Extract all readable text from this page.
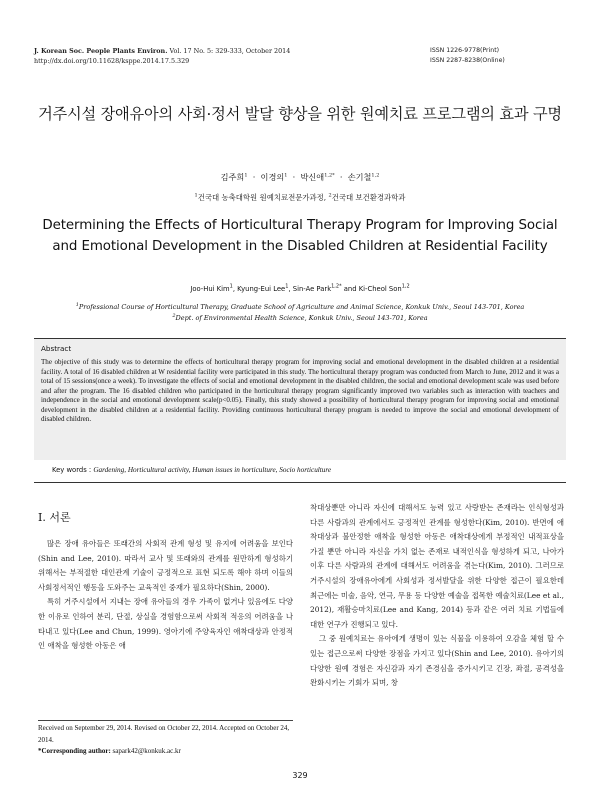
J. Korean Soc. People Plants Environ. Vol. 17 No. 5: 329-333, October 2014
http://dx.doi.org/10.11628/ksppe.2014.17.5.329
ISSN 1226-9778(Print)
ISSN 2287-8238(Online)
거주시설 장애유아의 사회·정서 발달 향상을 위한 원예치료 프로그램의 효과 구명
김주희$^1$  ·  이경의$^1$  ·  박신애$^{1,2*}$  ·  손기철$^{1,2}$
$^1$건국대 농축대학원 원예치료전문가과정, $^2$건국대 보건환경과학과
Determining the Effects of Horticultural Therapy Program for Improving Social and Emotional Development in the Disabled Children at Residential Facility
Joo-Hui Kim$^1$, Kyung-Eui Lee$^1$, Sin-Ae Park$^{1,2*}$ and Ki-Cheol Son$^{1,2}$
$^1$Professional Course of Horticultural Therapy, Graduate School of Agriculture and Animal Science, Konkuk Univ., Seoul 143-701, Korea
$^2$Dept. of Environmental Health Science, Konkuk Univ., Seoul 143-701, Korea
Abstract
The objective of this study was to determine the effects of horticultural therapy program for improving social and emotional development in the disabled children at a residential facility. A total of 16 disabled children at W residential facility were participated in this study. The horticultural therapy program was conducted from March to June, 2012 and it was a total of 15 sessions(once a week). To investigate the effects of social and emotional development in the disabled children, the social and emotional development scale was used before and after the program. The 16 disabled children who participated in the horticultural therapy program significantly improved two variables such as interaction with teachers and independence in the social and emotional development scale(p<0.05). Finally, this study showed a possibility of horticultural therapy program for improving social and emotional development in the disabled children at a residential facility. Providing continuous horticultural therapy program is needed to improve the social and emotional development of disabled children.
Key words : Gardening, Horticultural activity, Human issues in horticulture, Socio horticulture
Ⅰ. 서론

많은 장애 유아들은 또래간의 사회적 관계 형성 및 유지에 어려움을 보인다(Shin and Lee, 2010). 따라서 교사 및 또래와의 관계를 원만하게 형성하기 위해서는 부적절한 대인관계 기술이 긍정적으로 표현 되도록 해야 하며 이들의 사회정서적인 행동을 도와주는 교육적인 중재가 필요하다(Shin, 2000).

특히 거주시설에서 지내는 장애 유아들의 경우 가족이 없거나 있음에도 다양한 이유로 인하여 분리, 단절, 상실을 경험함으로써 사회적 적응의 어려움을 나타내고 있다(Lee and Chun, 1999). 영아기에 주양육자인 애착대상과 안정적인 애착을 형성한 아동은 애

착대상뿐만 아니라 자신에 대해서도 능력 있고 사랑받는 존재라는 인식형성과 다른 사람과의 관계에서도 긍정적인 관계를 형성한다(Kim, 2010). 반면에 애착대상과 불안정한 애착을 형성한 아동은 애착대상에게 부정적인 내적표상을 가질 뿐만 아니라 자신을 가치 없는 존재로 내적인식을 형성하게 되고, 나아가 이후 다른 사람과의 관계에 대해서도 어려움을 겪는다(Kim, 2010). 그러므로 거주시설의 장애유아에게 사회성과 정서발달을 위한 다양한 접근이 필요한데 최근에는 미술, 음악, 연극, 무용 등 다양한 예술을 접목한 예술치료(Lee et al., 2012), 재활승마치료(Lee and Kang, 2014) 등과 같은 여러 치료 기법들에 대한 연구가 진행되고 있다.

그 중 원예치료는 유아에게 생명이 있는 식물을 이용하여 오감을 체험 할 수 있는 접근으로써 다양한 장점을 가지고 있다(Shin and Lee, 2010). 유아기의 다양한 원예 경험은 자신감과 자기 존경심을 증가시키고 긴장, 좌절, 공격성을 완화시키는 기회가 되며, 창

Received on September 29, 2014. Revised on October 22, 2014. Accepted on October 24, 2014.
*Corresponding author: sapark42@konkuk.ac.kr
329
